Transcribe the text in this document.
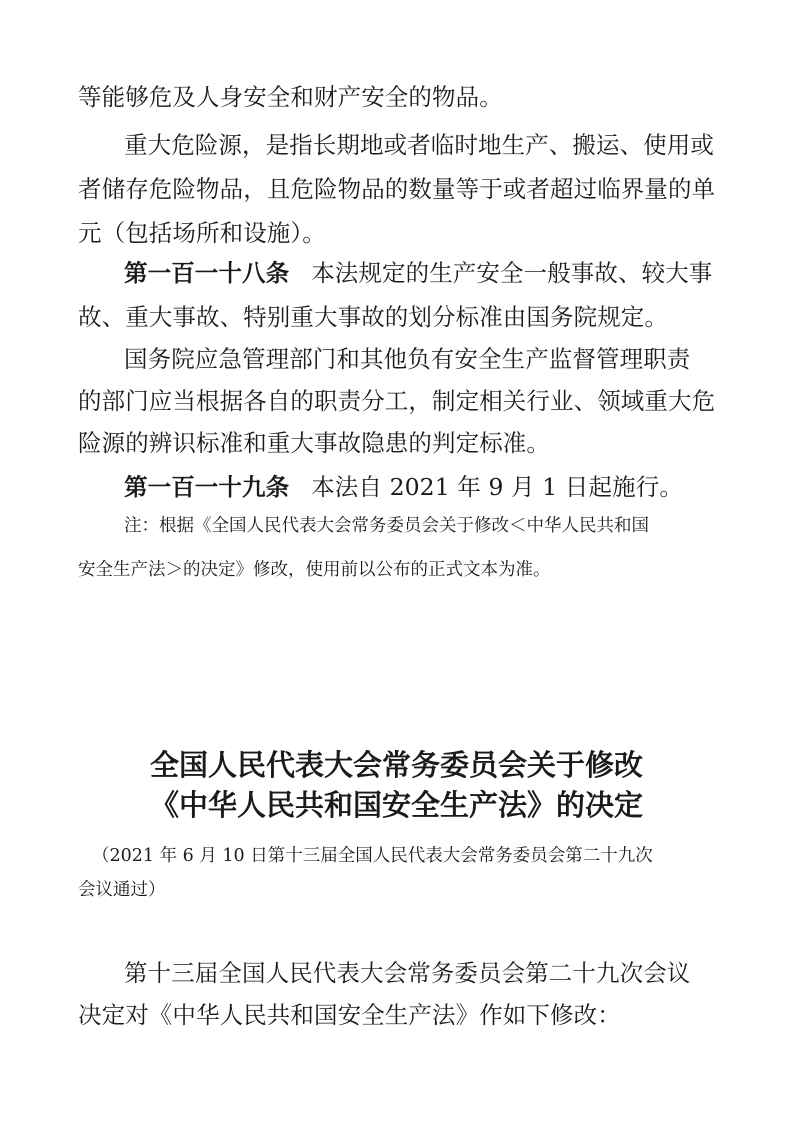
等能够危及人身安全和财产安全的物品。
重大危险源，是指长期地或者临时地生产、搬运、使用或
者储存危险物品，且危险物品的数量等于或者超过临界量的单
元（包括场所和设施）。
第一百一十八条 本法规定的生产安全一般事故、较大事
故、重大事故、特别重大事故的划分标准由国务院规定。
国务院应急管理部门和其他负有安全生产监督管理职责
的部门应当根据各自的职责分工，制定相关行业、领域重大危
险源的辨识标准和重大事故隐患的判定标准。
第一百一十九条 本法自 2021 年 9 月 1 日起施行。
注：根据《全国人民代表大会常务委员会关于修改＜中华人民共和国
安全生产法＞的决定》修改，使用前以公布的正式文本为准。
全国人民代表大会常务委员会关于修改
《中华人民共和国安全生产法》的决定
（2021 年 6 月 10 日第十三届全国人民代表大会常务委员会第二十九次
会议通过）
第十三届全国人民代表大会常务委员会第二十九次会议
决定对《中华人民共和国安全生产法》作如下修改：
